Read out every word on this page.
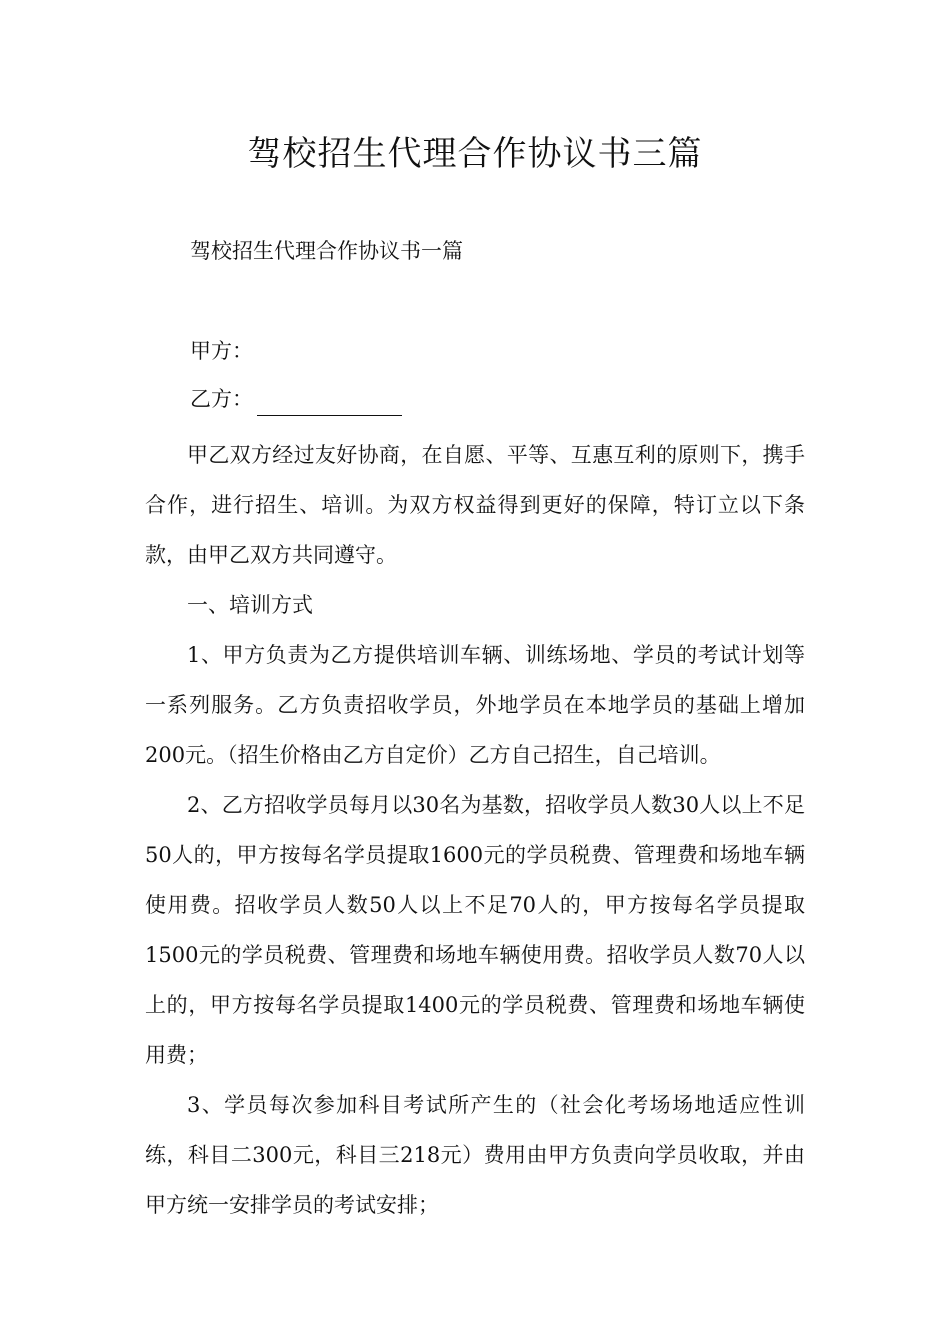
驾校招生代理合作协议书三篇
驾校招生代理合作协议书一篇
甲方：
乙方：

甲乙双方经过友好协商，在自愿、平等、互惠互利的原则下，携手合作，进行招生、培训。为双方权益得到更好的保障，特订立以下条款，由甲乙双方共同遵守。

一、培训方式

1、甲方负责为乙方提供培训车辆、训练场地、学员的考试计划等一系列服务。乙方负责招收学员，外地学员在本地学员的基础上增加200元。（招生价格由乙方自定价）乙方自己招生，自己培训。

2、乙方招收学员每月以30名为基数，招收学员人数30人以上不足50人的，甲方按每名学员提取1600元的学员税费、管理费和场地车辆使用费。招收学员人数50人以上不足70人的，甲方按每名学员提取1500元的学员税费、管理费和场地车辆使用费。招收学员人数70人以上的，甲方按每名学员提取1400元的学员税费、管理费和场地车辆使用费；

3、学员每次参加科目考试所产生的（社会化考场场地适应性训练，科目二300元，科目三218元）费用由甲方负责向学员收取，并由甲方统一安排学员的考试安排；
